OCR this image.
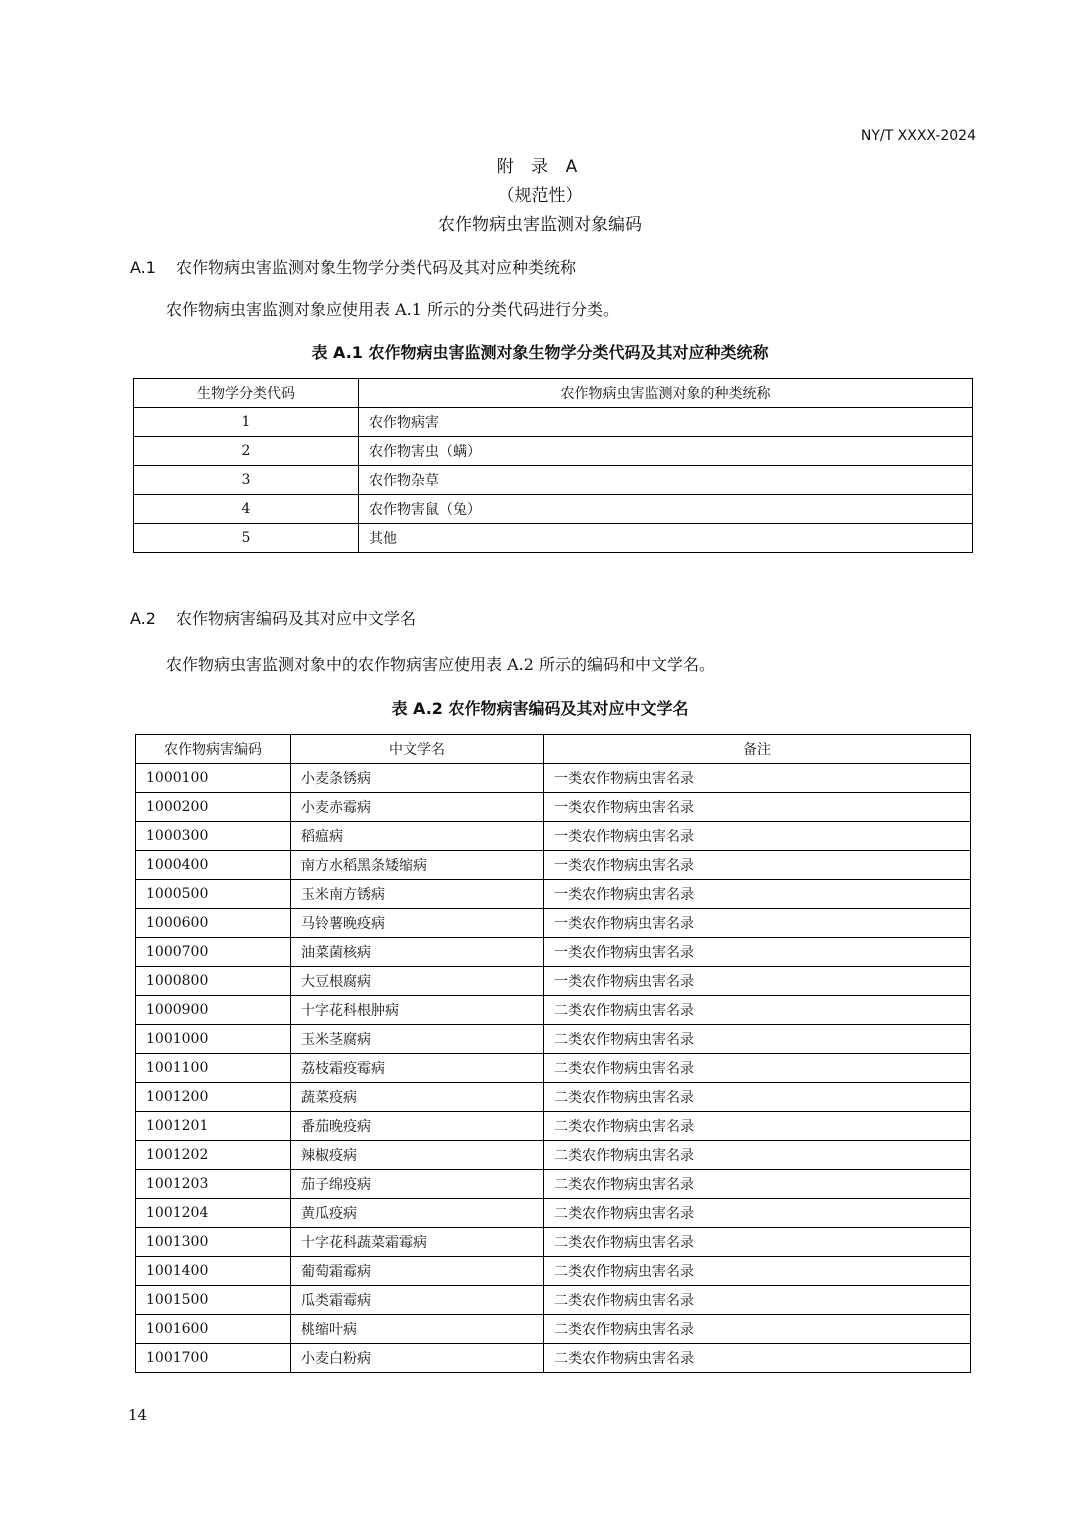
NY/T XXXX-2024
附 录 A
（规范性）
农作物病虫害监测对象编码
A.1 农作物病虫害监测对象生物学分类代码及其对应种类统称
农作物病虫害监测对象应使用表 A.1 所示的分类代码进行分类。
表 A.1 农作物病虫害监测对象生物学分类代码及其对应种类统称
生物学分类代码	农作物病虫害监测对象的种类统称
1	农作物病害
2	农作物害虫（螨）
3	农作物杂草
4	农作物害鼠（兔）
5	其他
A.2 农作物病害编码及其对应中文学名
农作物病虫害监测对象中的农作物病害应使用表 A.2 所示的编码和中文学名。
表 A.2 农作物病害编码及其对应中文学名
农作物病害编码	中文学名	备注
1000100	小麦条锈病	一类农作物病虫害名录
1000200	小麦赤霉病	一类农作物病虫害名录
1000300	稻瘟病	一类农作物病虫害名录
1000400	南方水稻黑条矮缩病	一类农作物病虫害名录
1000500	玉米南方锈病	一类农作物病虫害名录
1000600	马铃薯晚疫病	一类农作物病虫害名录
1000700	油菜菌核病	一类农作物病虫害名录
1000800	大豆根腐病	一类农作物病虫害名录
1000900	十字花科根肿病	二类农作物病虫害名录
1001000	玉米茎腐病	二类农作物病虫害名录
1001100	荔枝霜疫霉病	二类农作物病虫害名录
1001200	蔬菜疫病	二类农作物病虫害名录
1001201	番茄晚疫病	二类农作物病虫害名录
1001202	辣椒疫病	二类农作物病虫害名录
1001203	茄子绵疫病	二类农作物病虫害名录
1001204	黄瓜疫病	二类农作物病虫害名录
1001300	十字花科蔬菜霜霉病	二类农作物病虫害名录
1001400	葡萄霜霉病	二类农作物病虫害名录
1001500	瓜类霜霉病	二类农作物病虫害名录
1001600	桃缩叶病	二类农作物病虫害名录
1001700	小麦白粉病	二类农作物病虫害名录
14
